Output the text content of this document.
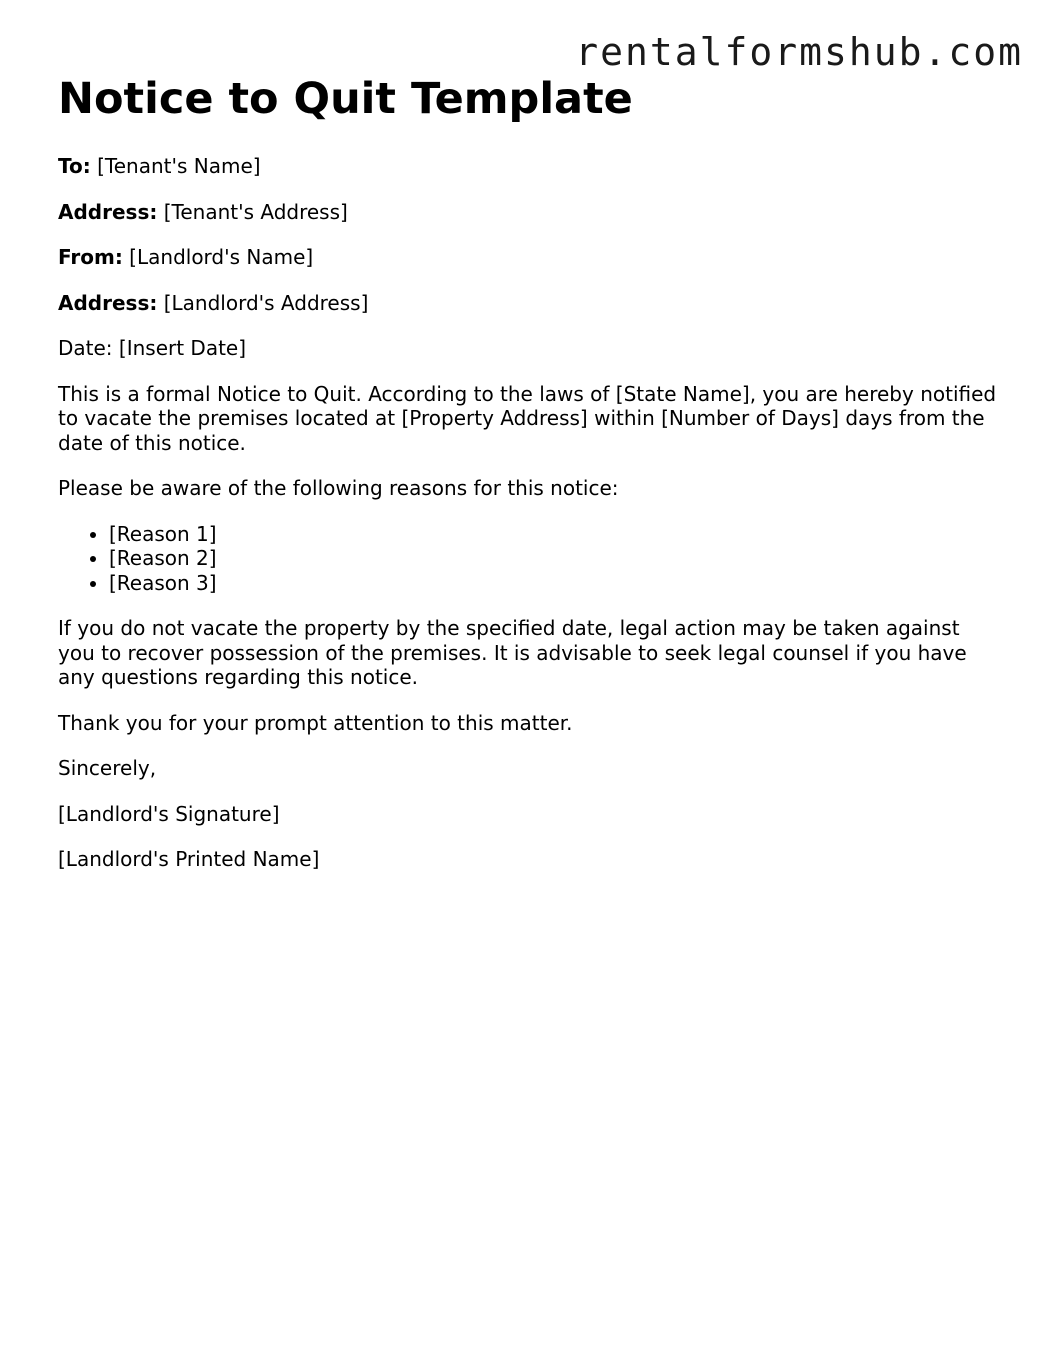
rentalformshub.com
Notice to Quit Template

To: [Tenant's Name]

Address: [Tenant's Address]

From: [Landlord's Name]

Address: [Landlord's Address]

Date: [Insert Date]

This is a formal Notice to Quit. According to the laws of [State Name], you are hereby notified to vacate the premises located at [Property Address] within [Number of Days] days from the date of this notice.

Please be aware of the following reasons for this notice:

• [Reason 1]
• [Reason 2]
• [Reason 3]

If you do not vacate the property by the specified date, legal action may be taken against you to recover possession of the premises. It is advisable to seek legal counsel if you have any questions regarding this notice.

Thank you for your prompt attention to this matter.

Sincerely,

[Landlord's Signature]

[Landlord's Printed Name]
